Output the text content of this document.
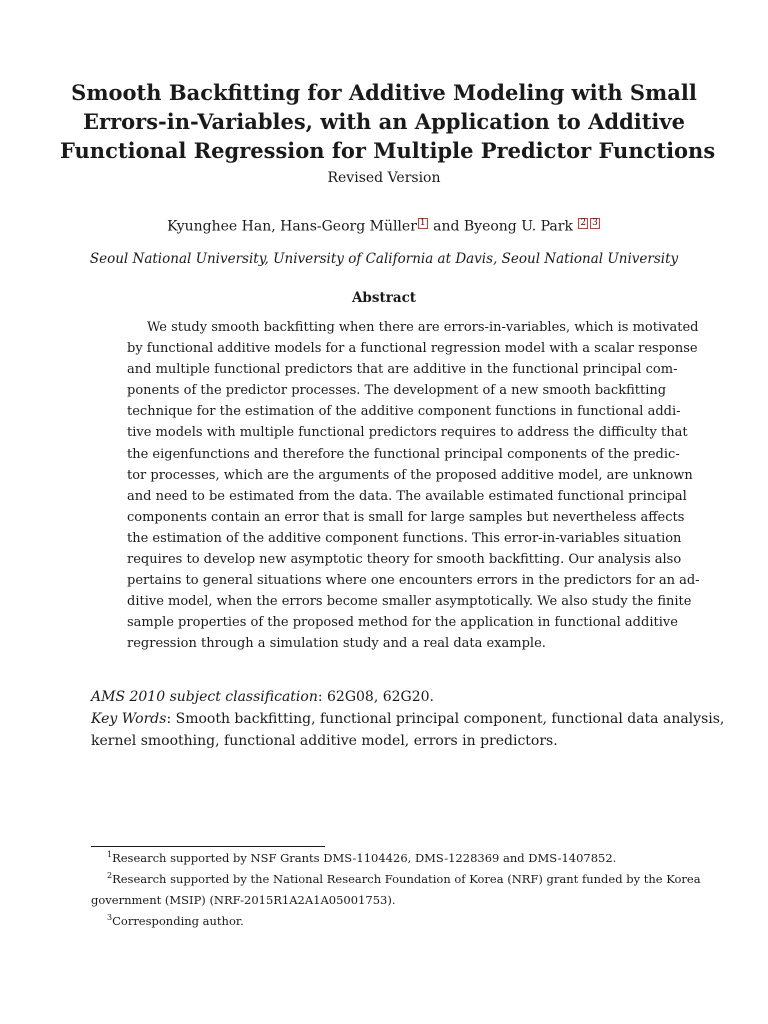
Smooth Backfitting for Additive Modeling with Small
Errors-in-Variables, with an Application to Additive
Functional Regression for Multiple Predictor Functions
Revised Version
Kyunghee Han, Hans-Georg Müller 1 and Byeong U. Park 2 3
Seoul National University, University of California at Davis, Seoul National University
Abstract
We study smooth backfitting when there are errors-in-variables, which is motivated
by functional additive models for a functional regression model with a scalar response
and multiple functional predictors that are additive in the functional principal com-
ponents of the predictor processes. The development of a new smooth backfitting
technique for the estimation of the additive component functions in functional addi-
tive models with multiple functional predictors requires to address the difficulty that
the eigenfunctions and therefore the functional principal components of the predic-
tor processes, which are the arguments of the proposed additive model, are unknown
and need to be estimated from the data. The available estimated functional principal
components contain an error that is small for large samples but nevertheless affects
the estimation of the additive component functions. This error-in-variables situation
requires to develop new asymptotic theory for smooth backfitting. Our analysis also
pertains to general situations where one encounters errors in the predictors for an ad-
ditive model, when the errors become smaller asymptotically. We also study the finite
sample properties of the proposed method for the application in functional additive
regression through a simulation study and a real data example.
AMS 2010 subject classification: 62G08, 62G20.
Key Words: Smooth backfitting, functional principal component, functional data analysis,
kernel smoothing, functional additive model, errors in predictors.
$^1$Research supported by NSF Grants DMS-1104426, DMS-1228369 and DMS-1407852.
$^2$Research supported by the National Research Foundation of Korea (NRF) grant funded by the Korea
government (MSIP) (NRF-2015R1A2A1A05001753).
$^3$Corresponding author.
